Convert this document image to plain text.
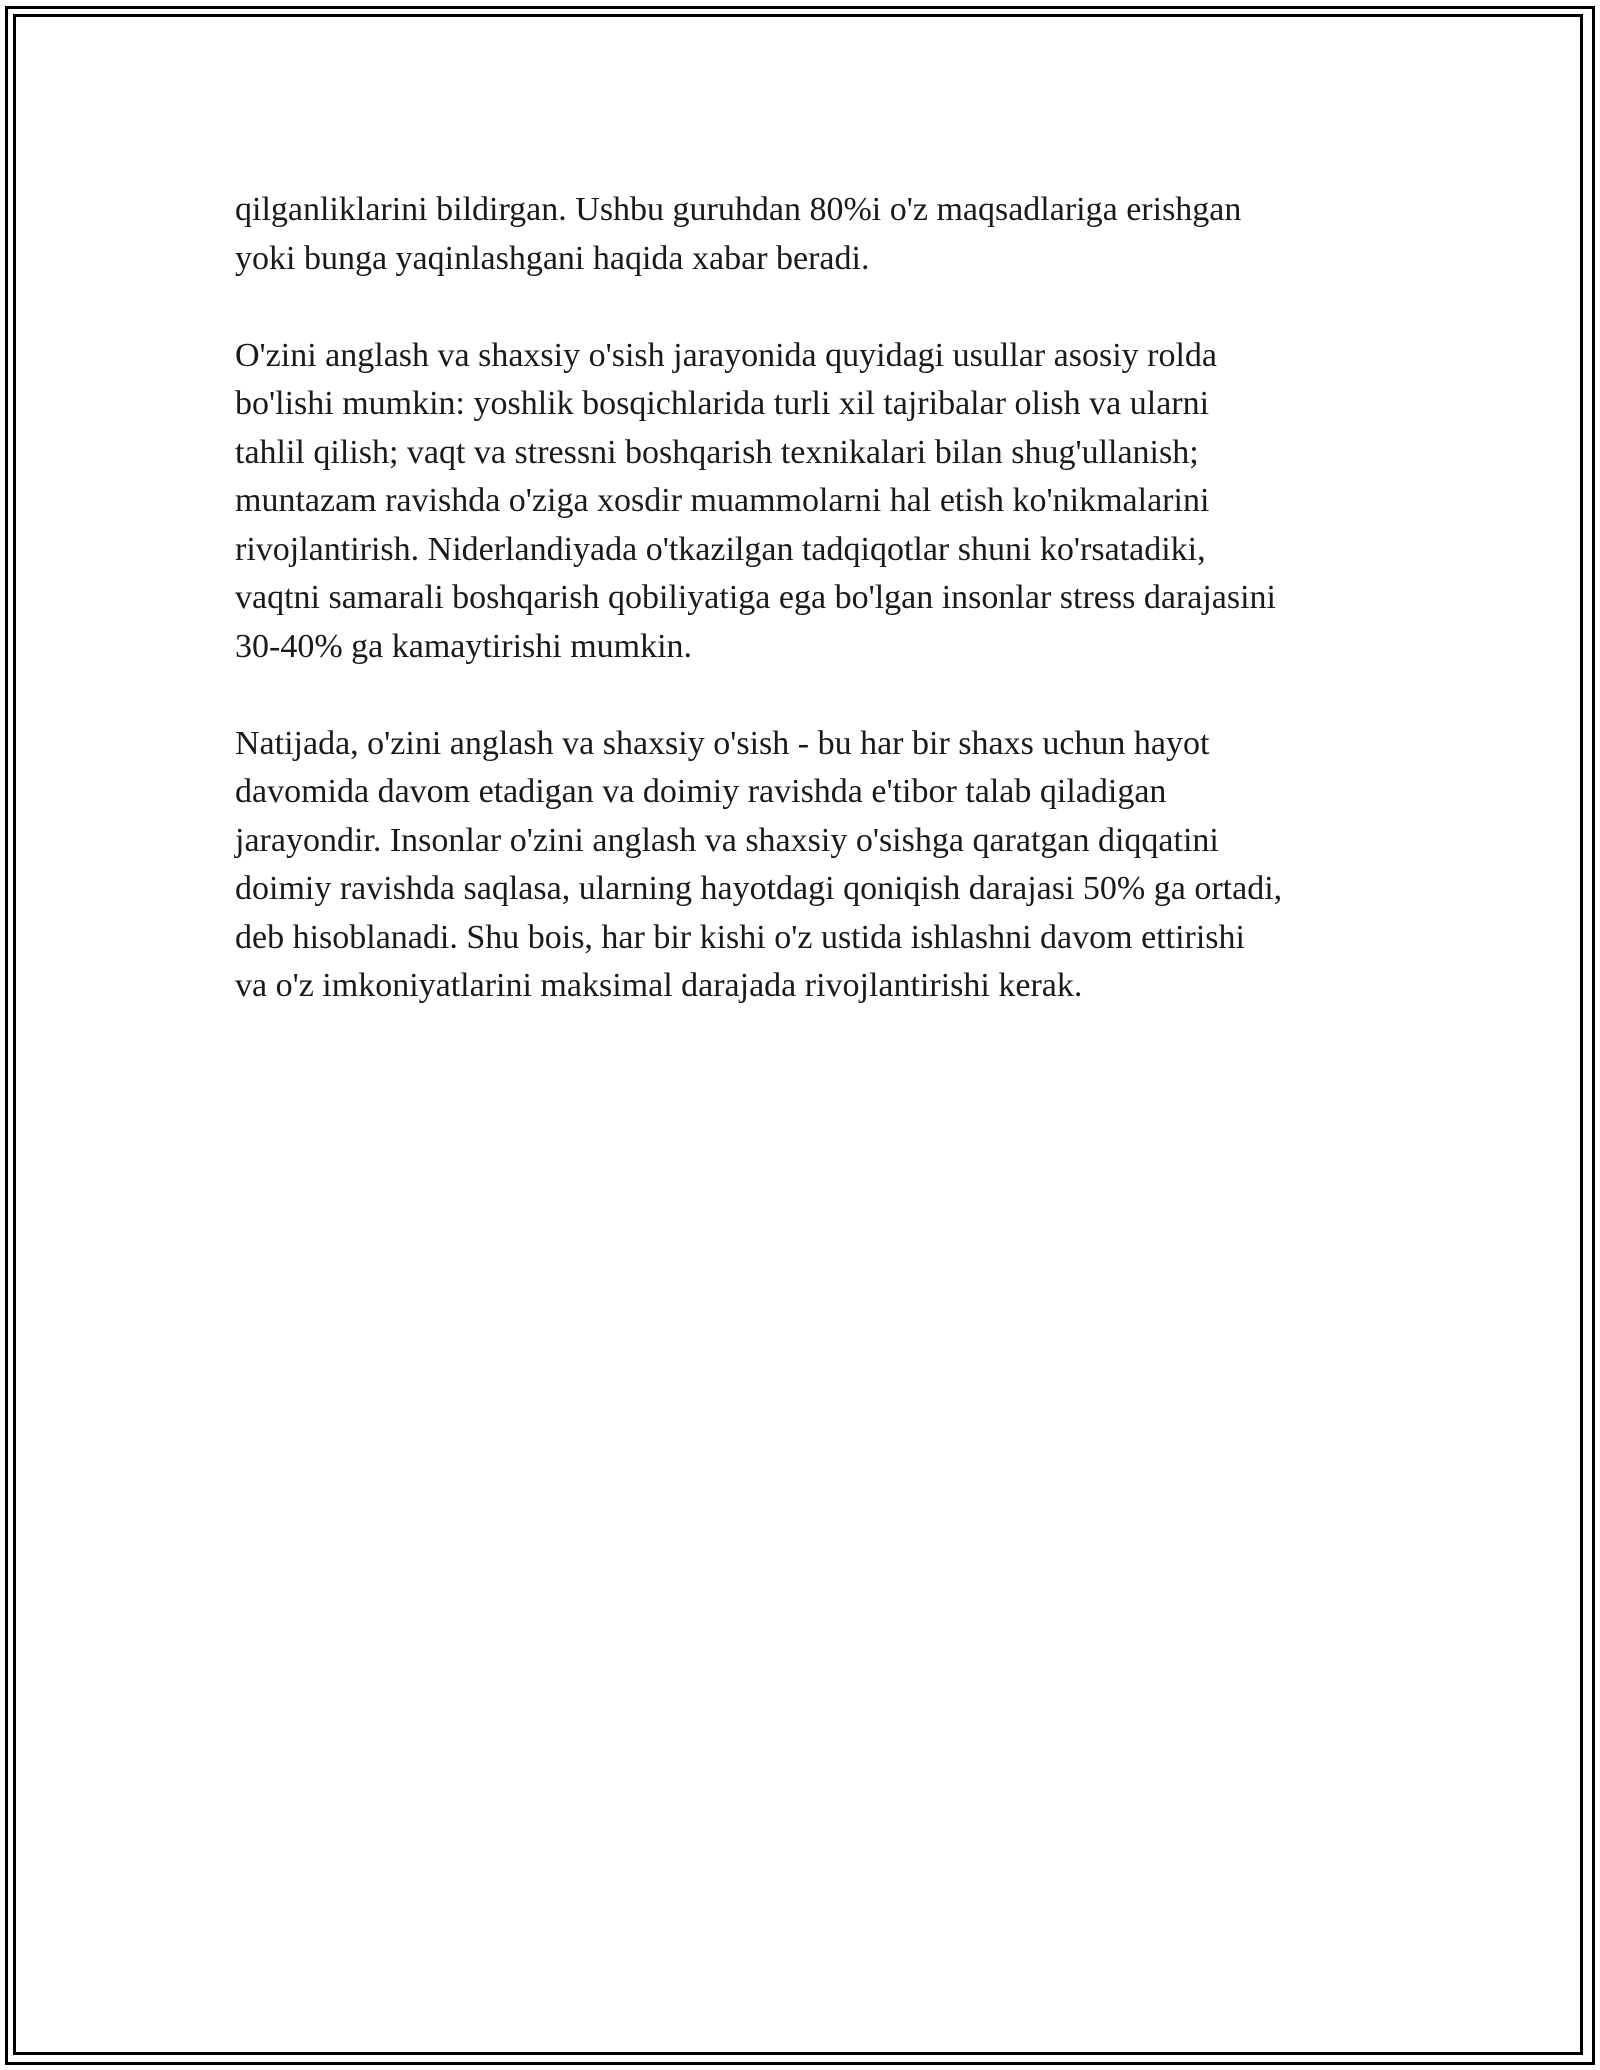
qilganliklarini bildirgan. Ushbu guruhdan 80%i o'z maqsadlariga erishgan
yoki bunga yaqinlashgani haqida xabar beradi.

O'zini anglash va shaxsiy o'sish jarayonida quyidagi usullar asosiy rolda
bo'lishi mumkin: yoshlik bosqichlarida turli xil tajribalar olish va ularni
tahlil qilish; vaqt va stressni boshqarish texnikalari bilan shug'ullanish;
muntazam ravishda o'ziga xosdir muammolarni hal etish ko'nikmalarini
rivojlantirish. Niderlandiyada o'tkazilgan tadqiqotlar shuni ko'rsatadiki,
vaqtni samarali boshqarish qobiliyatiga ega bo'lgan insonlar stress darajasini
30-40% ga kamaytirishi mumkin.

Natijada, o'zini anglash va shaxsiy o'sish - bu har bir shaxs uchun hayot
davomida davom etadigan va doimiy ravishda e'tibor talab qiladigan
jarayondir. Insonlar o'zini anglash va shaxsiy o'sishga qaratgan diqqatini
doimiy ravishda saqlasa, ularning hayotdagi qoniqish darajasi 50% ga ortadi,
deb hisoblanadi. Shu bois, har bir kishi o'z ustida ishlashni davom ettirishi
va o'z imkoniyatlarini maksimal darajada rivojlantirishi kerak.
